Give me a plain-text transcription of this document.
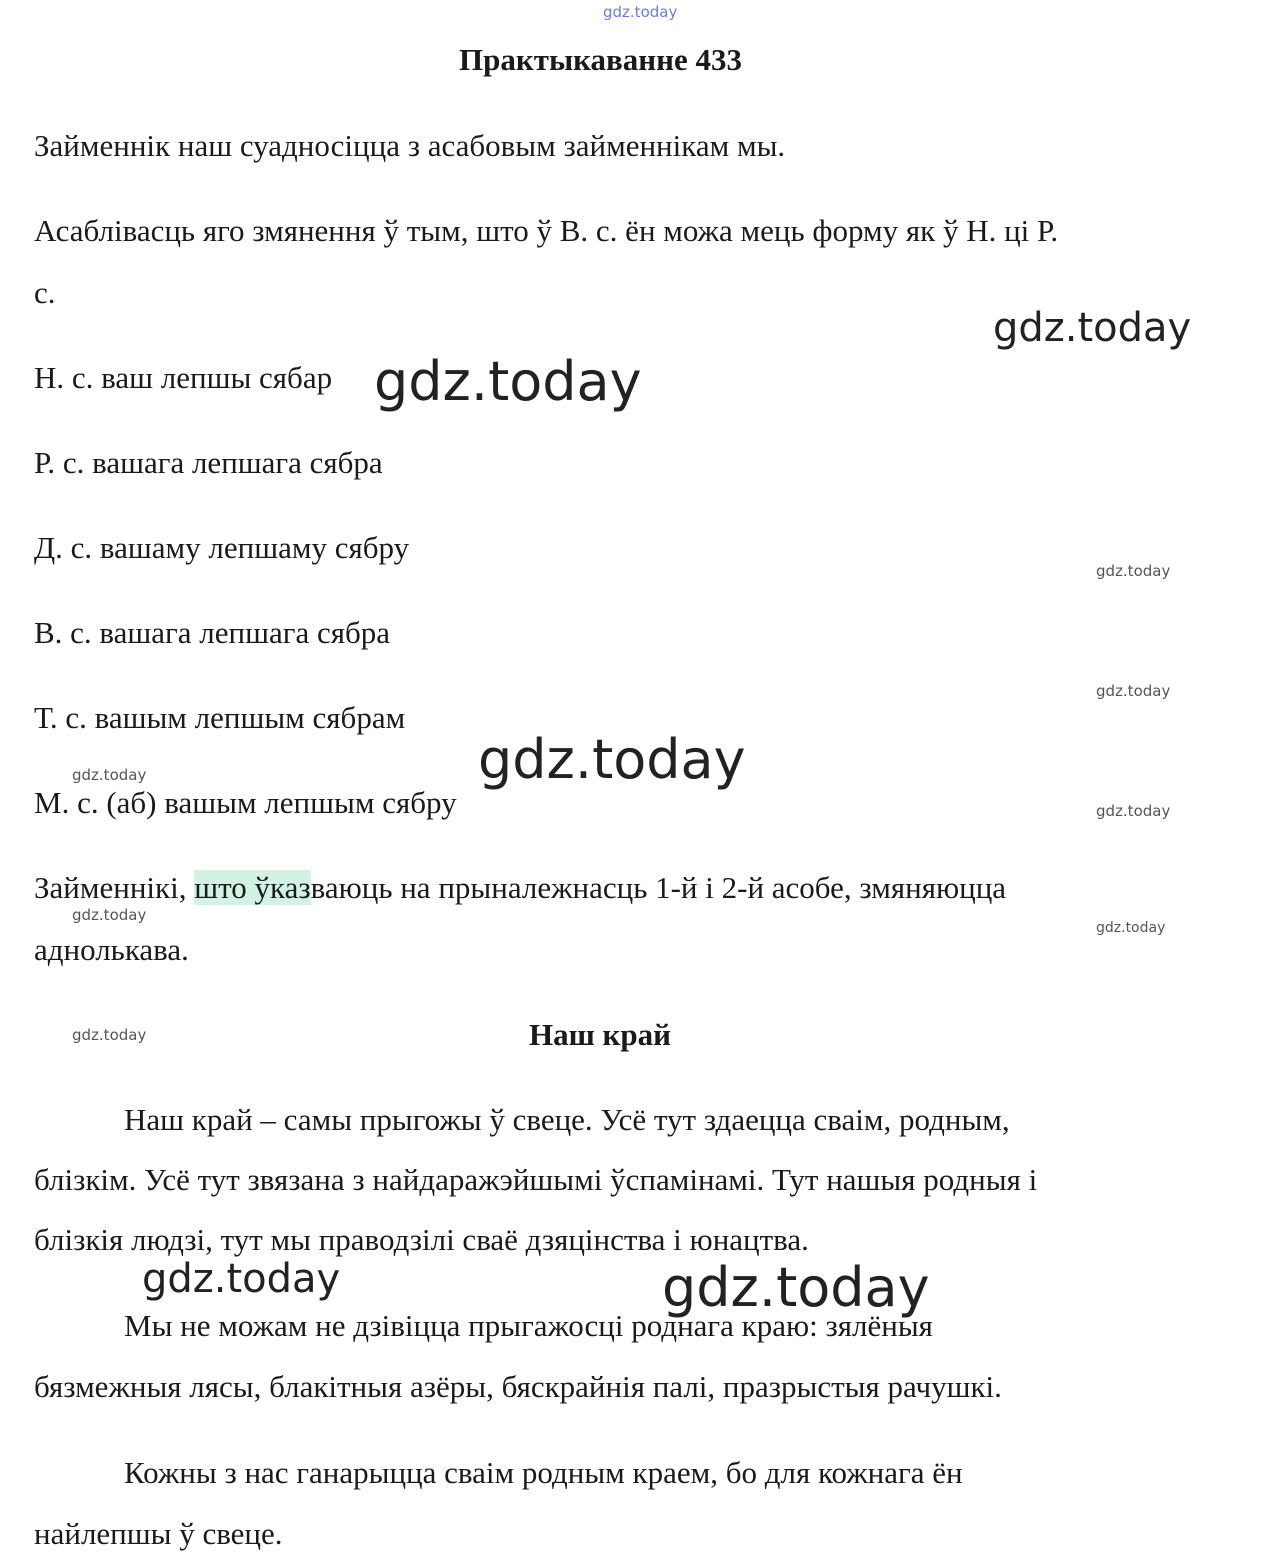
gdz.today
Практыкаванне 433
Займеннік наш суадносіцца з асабовым займеннікам мы.
Асаблівасць яго змянення ў тым, што ў В. с. ён можа мець форму як ў Н. ці Р.
с.
gdz.today
Н. с. ваш лепшы сябар gdz.today
Р. с. вашага лепшага сябра
Д. с. вашаму лепшаму сябру
gdz.today
В. с. вашага лепшага сябра
gdz.today
Т. с. вашым лепшым сябрам
gdz.today
gdz.today
М. с. (аб) вашым лепшым сябру	gdz.today
Займеннікі, што ўказваюць на прыналежнасць 1-й і 2-й асобе, змяняюцца
gdz.today
gdz.today
аднолькава.
gdz.today	Наш край
Наш край – самы прыгожы ў свеце. Усё тут здаецца сваім, родным,
блізкім. Усё тут звязана з найдаражэйшымі ўспамінамі. Тут нашыя родныя і
блізкія людзі, тут мы праводзілі сваё дзяцінства і юнацтва.
gdz.today	gdz.today
Мы не можам не дзівіцца прыгажосці роднага краю: зялёныя
бязмежныя лясы, блакітныя азёры, бяскрайнія палі, празрыстыя рачушкі.
Кожны з нас ганарыцца сваім родным краем, бо для кожнага ён
найлепшы ў свеце.
